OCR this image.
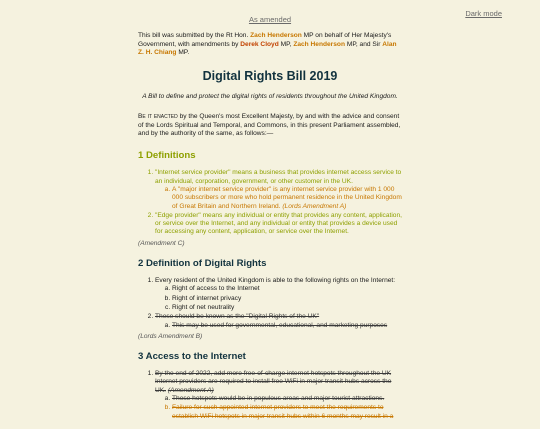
Dark mode
As amended

This bill was submitted by the Rt Hon. Zach Henderson MP on behalf of Her Majesty's Government, with amendments by Derek Cloyd MP, Zach Henderson MP, and Sir Alan Z. H. Chiang MP.

Digital Rights Bill 2019

A Bill to define and protect the digital rights of residents throughout the United Kingdom.

Be it enacted by the Queen's most Excellent Majesty, by and with the advice and consent of the Lords Spiritual and Temporal, and Commons, in this present Parliament assembled, and by the authority of the same, as follows:—

1 Definitions
1. "Internet service provider" means a business that provides internet access service to an individual, corporation, government, or other customer in the UK.
a. A "major internet service provider" is any internet service provider with 1 000 000 subscribers or more who hold permanent residence in the United Kingdom of Great Britain and Northern Ireland. (Lords Amendment A)
2. "Edge provider" means any individual or entity that provides any content, application, or service over the Internet, and any individual or entity that provides a device used for accessing any content, application, or service over the Internet.
(Amendment C)
2 Definition of Digital Rights
1. Every resident of the United Kingdom is able to the following rights on the Internet:
a. Right of access to the Internet
b. Right of internet privacy
c. Right of net neutrality
2. These should be known as the "Digital Rights of the UK"
a. This may be used for governmental, educational, and marketing purposes
(Lords Amendment B)
3 Access to the Internet
1. By the end of 2022, add more free-of-charge internet hotspots throughout the UK Internet providers are required to install free WiFi in major transit hubs across the UK. (Amendment A)
a. These hotspots would be in populous areas and major tourist attractions.
b. Failure for such appointed internet providers to meet the requirements to establish WiFi hotspots in major transit hubs within 6 months may result in a
